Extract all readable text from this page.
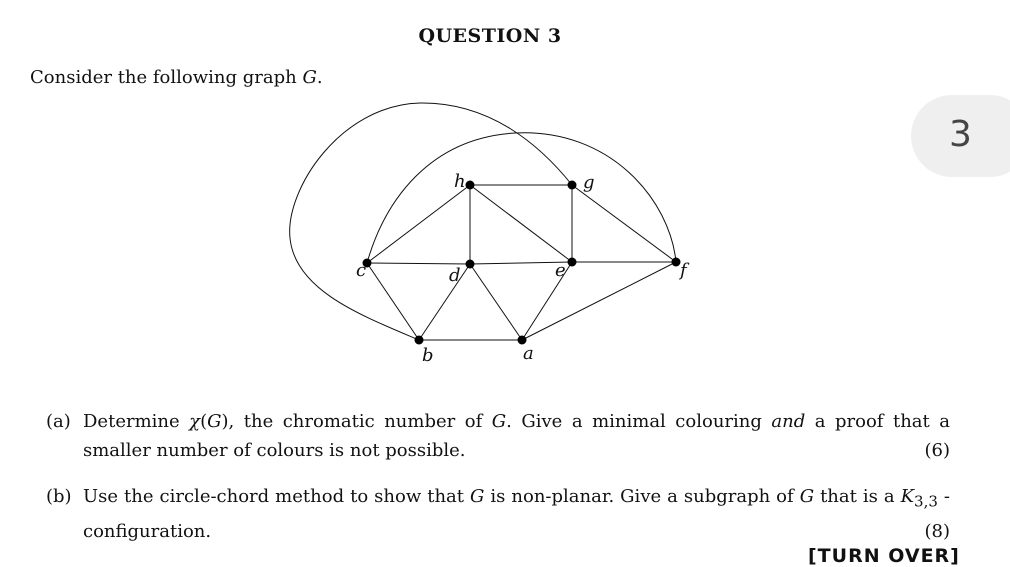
QUESTION 3
Consider the following graph G.
3
h	g
c	d	e	f
b	a
(a) Determine χ(G), the chromatic number of G. Give a minimal colouring and a proof that a smaller number of colours is not possible.	(6)
(b) Use the circle-chord method to show that G is non-planar. Give a subgraph of G that is a $K_{3,3}$ -configuration.	(8)
[TURN OVER]
